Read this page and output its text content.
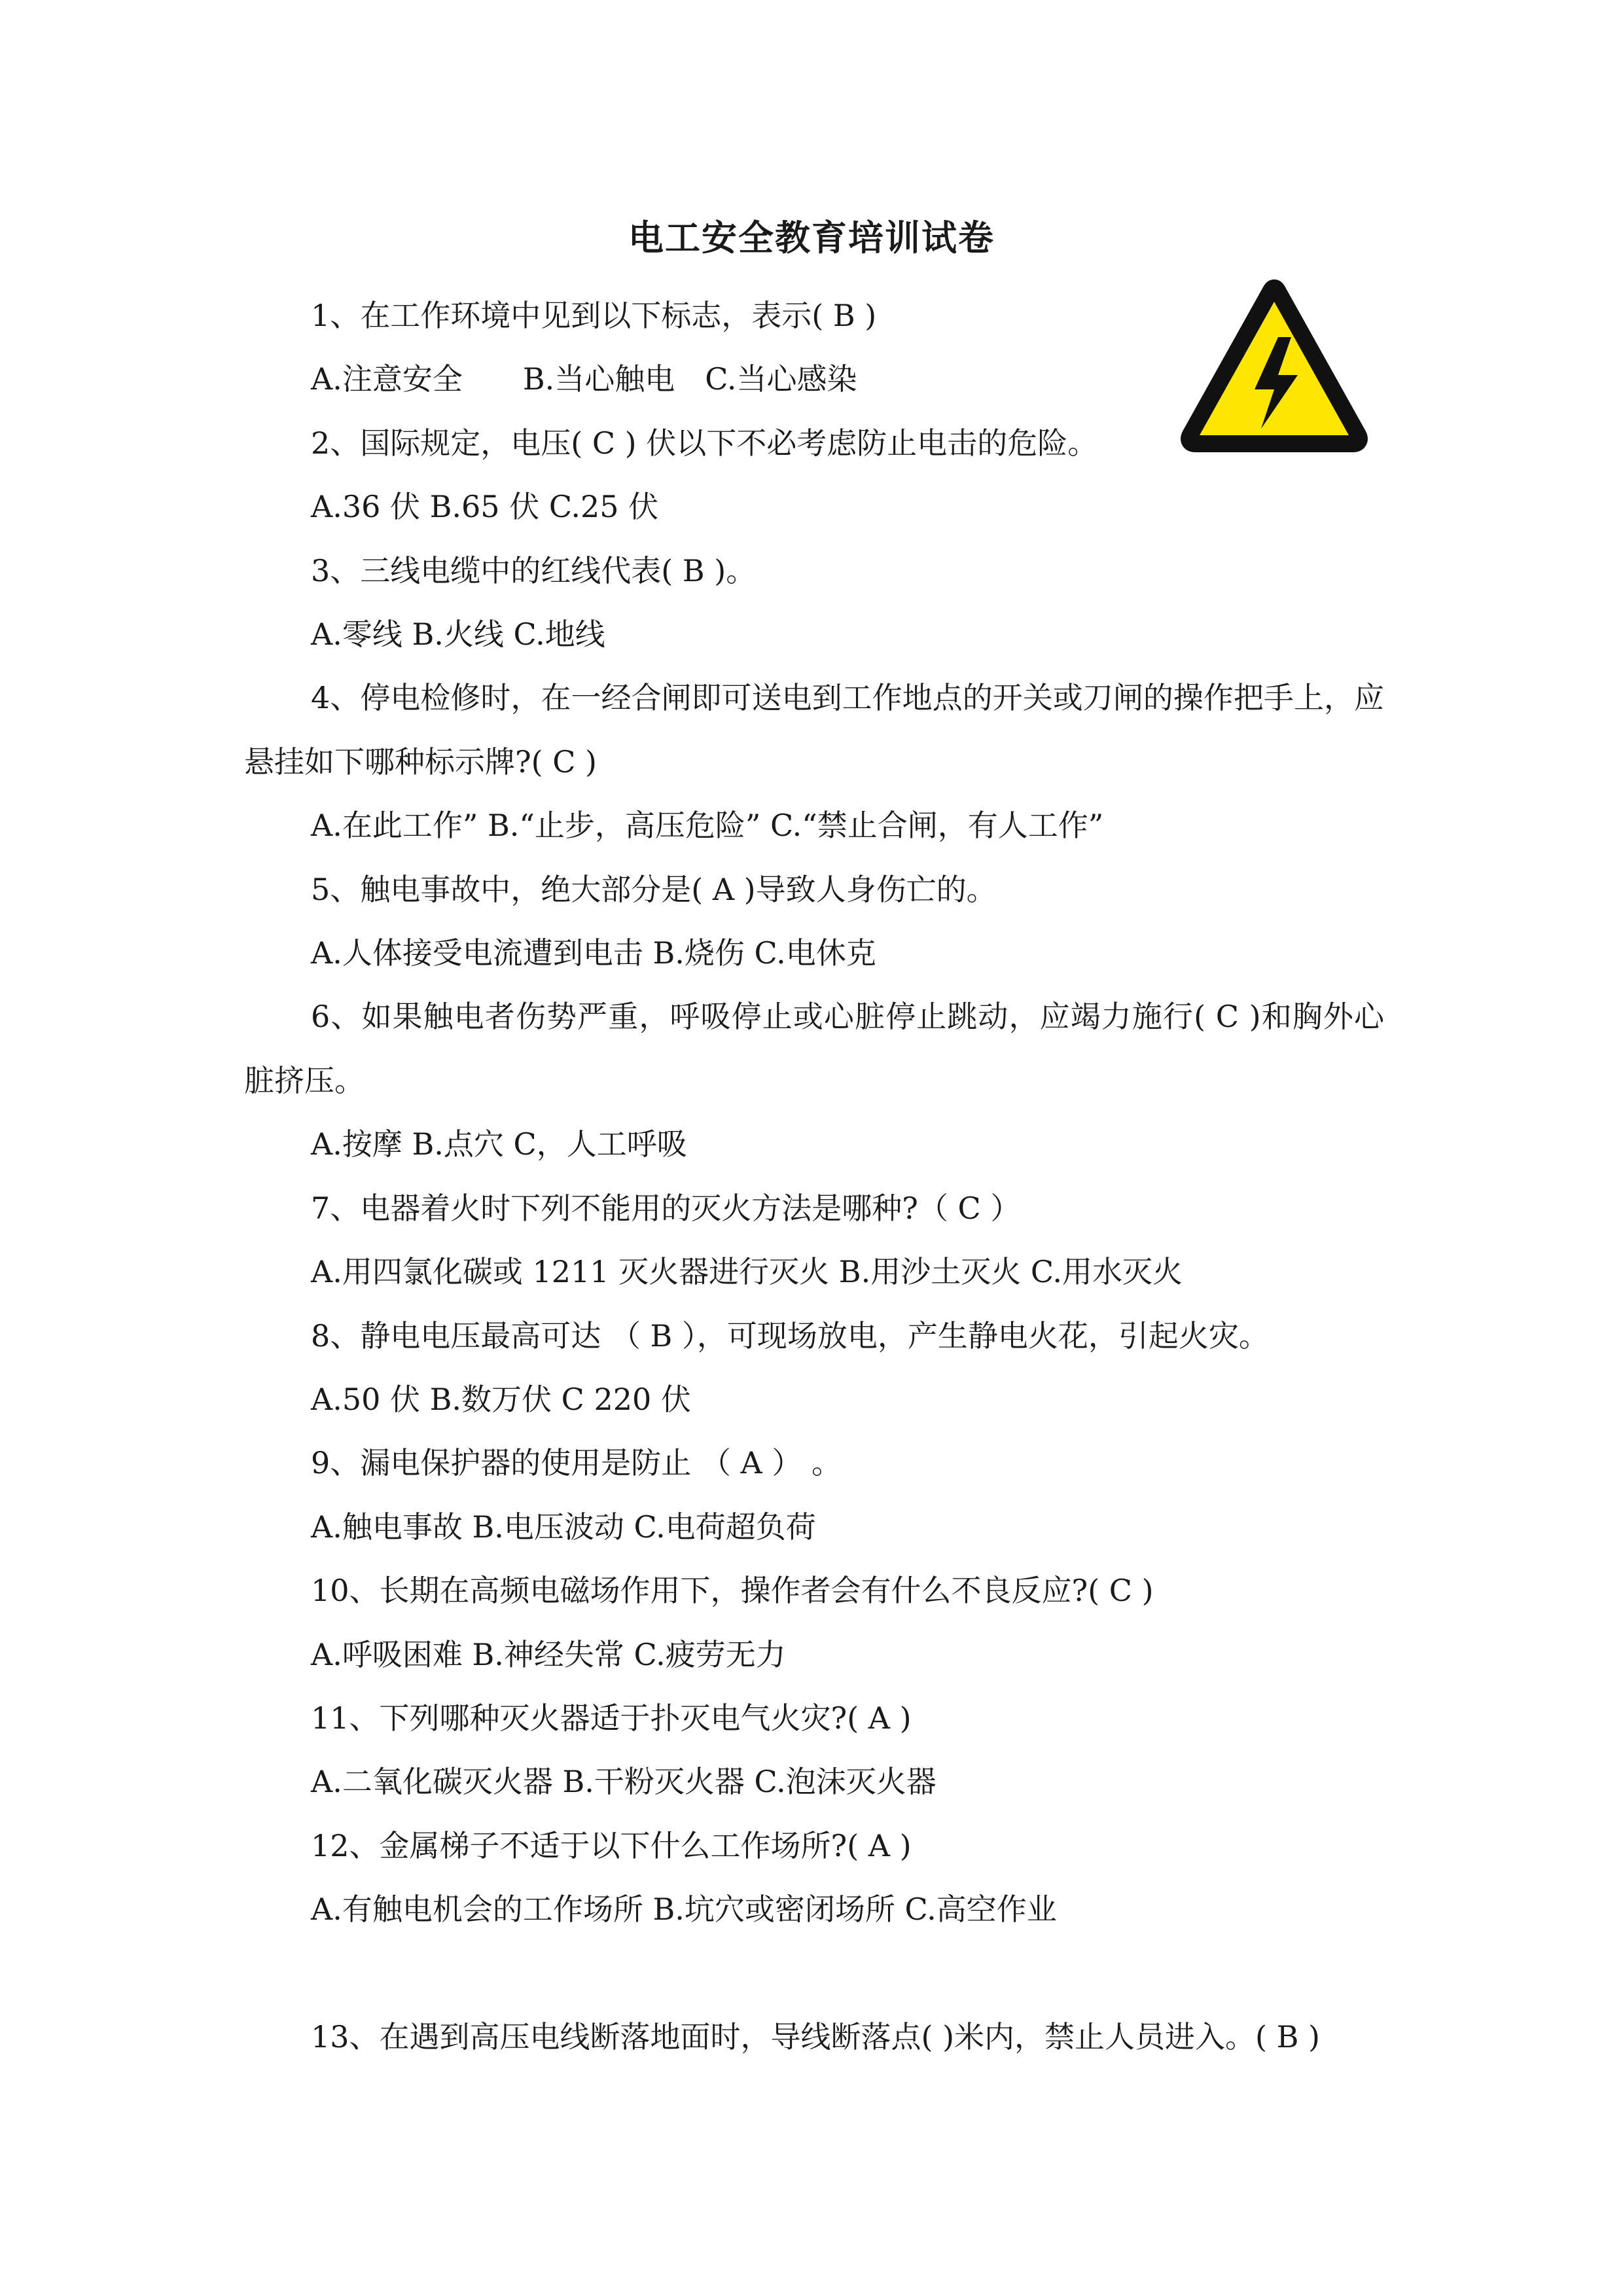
电工安全教育培训试卷
1、在工作环境中见到以下标志，表示( B )
A.注意安全　　B.当心触电　C.当心感染
2、国际规定，电压( C ) 伏以下不必考虑防止电击的危险。
A.36 伏 B.65 伏 C.25 伏
3、三线电缆中的红线代表( B )。
A.零线 B.火线 C.地线
4、停电检修时，在一经合闸即可送电到工作地点的开关或刀闸的操作把手上，应悬挂如下哪种标示牌?( C )
A.在此工作” B.“止步，高压危险” C.“禁止合闸，有人工作”
5、触电事故中，绝大部分是( A )导致人身伤亡的。
A.人体接受电流遭到电击 B.烧伤 C.电休克
6、如果触电者伤势严重，呼吸停止或心脏停止跳动，应竭力施行( C )和胸外心脏挤压。
A.按摩 B.点穴 C，人工呼吸
7、电器着火时下列不能用的灭火方法是哪种?（ C ）
A.用四氯化碳或 1211 灭火器进行灭火 B.用沙土灭火 C.用水灭火
8、静电电压最高可达 （ B ），可现场放电，产生静电火花，引起火灾。
A.50 伏 B.数万伏 C 220 伏
9、漏电保护器的使用是防止 （ A ） 。
A.触电事故 B.电压波动 C.电荷超负荷
10、长期在高频电磁场作用下，操作者会有什么不良反应?( C )
A.呼吸困难 B.神经失常 C.疲劳无力
11、下列哪种灭火器适于扑灭电气火灾?( A )
A.二氧化碳灭火器 B.干粉灭火器 C.泡沫灭火器
12、金属梯子不适于以下什么工作场所?( A )
A.有触电机会的工作场所 B.坑穴或密闭场所 C.高空作业
13、在遇到高压电线断落地面时，导线断落点( )米内，禁止人员进入。( B )
